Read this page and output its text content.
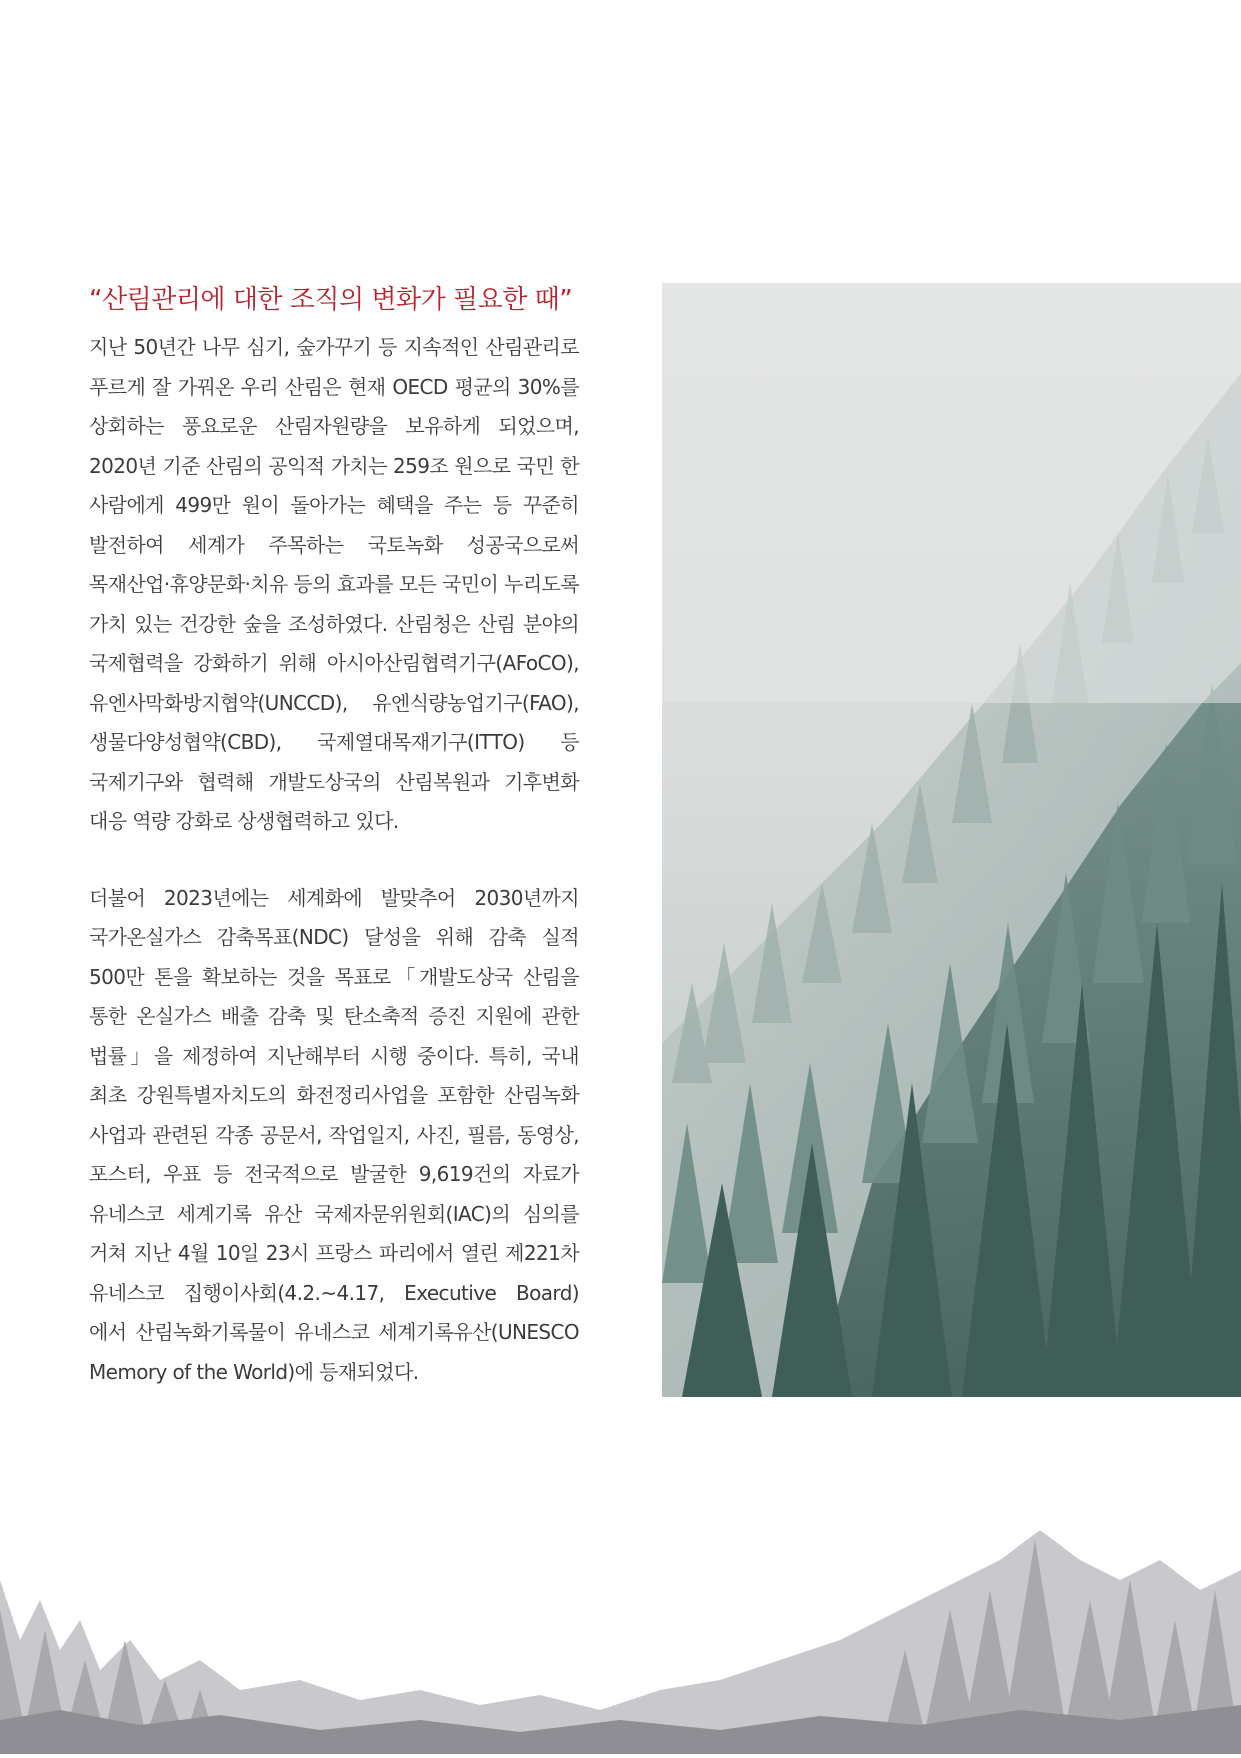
“산림관리에 대한 조직의 변화가 필요한 때”

지난 50년간 나무 심기, 숲가꾸기 등 지속적인 산림관리로 푸르게 잘 가꿔온 우리 산림은 현재 OECD 평균의 30%를 상회하는 풍요로운 산림자원량을 보유하게 되었으며, 2020년 기준 산림의 공익적 가치는 259조 원으로 국민 한 사람에게 499만 원이 돌아가는 혜택을 주는 등 꾸준히 발전하여 세계가 주목하는 국토녹화 성공국으로써 목재산업·휴양문화·치유 등의 효과를 모든 국민이 누리도록 가치 있는 건강한 숲을 조성하였다. 산림청은 산림 분야의 국제협력을 강화하기 위해 아시아산림협력기구(AFoCO), 유엔사막화방지협약(UNCCD), 유엔식량농업기구(FAO), 생물다양성협약(CBD), 국제열대목재기구(ITTO) 등 국제기구와 협력해 개발도상국의 산림복원과 기후변화 대응 역량 강화로 상생협력하고 있다.

더불어 2023년에는 세계화에 발맞추어 2030년까지 국가온실가스 감축목표(NDC) 달성을 위해 감축 실적 500만 톤을 확보하는 것을 목표로「개발도상국 산림을 통한 온실가스 배출 감축 및 탄소축적 증진 지원에 관한 법률」을 제정하여 지난해부터 시행 중이다. 특히, 국내 최초 강원특별자치도의 화전정리사업을 포함한 산림녹화 사업과 관련된 각종 공문서, 작업일지, 사진, 필름, 동영상, 포스터, 우표 등 전국적으로 발굴한 9,619건의 자료가 유네스코 세계기록 유산 국제자문위원회(IAC)의 심의를 거쳐 지난 4월 10일 23시 프랑스 파리에서 열린 제221차 유네스코 집행이사회(4.2.~4.17, Executive Board) 에서 산림녹화기록물이 유네스코 세계기록유산(UNESCO Memory of the World)에 등재되었다.
